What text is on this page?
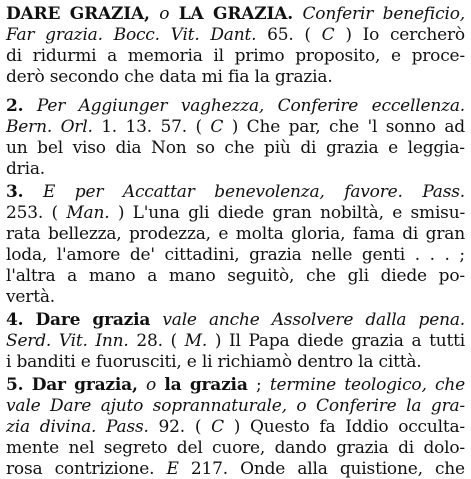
DARE GRAZIA, o LA GRAZIA. Conferir beneficio,
Far grazia. Bocc. Vit. Dant. 65. ( C ) Io cercherò
di ridurmi a memoria il primo proposito, e proce-
derò secondo che data mi fia la grazia.
2. Per Aggiunger vaghezza, Conferire eccellenza.
Bern. Orl. 1. 13. 57. ( C ) Che par, che 'l sonno ad
un bel viso dia Non so che più di grazia e leggia-
dria.
3. E per Accattar benevolenza, favore. Pass.
253. ( Man. ) L'una gli diede gran nobiltà, e smisu-
rata bellezza, prodezza, e molta gloria, fama di gran
loda, l'amore de' cittadini, grazia nelle genti . . . ;
l'altra a mano a mano seguitò, che gli diede po-
vertà.
4. Dare grazia vale anche Assolvere dalla pena.
Serd. Vit. Inn. 28. ( M. ) Il Papa diede grazia a tutti
i banditi e fuorusciti, e li richiamò dentro la città.
5. Dar grazia, o la grazia ; termine teologico, che
vale Dare ajuto soprannaturale, o Conferire la gra-
zia divina. Pass. 92. ( C ) Questo fa Iddio occulta-
mente nel segreto del cuore, dando grazia di dolo-
rosa contrizione. E 217. Onde alla quistione, che
